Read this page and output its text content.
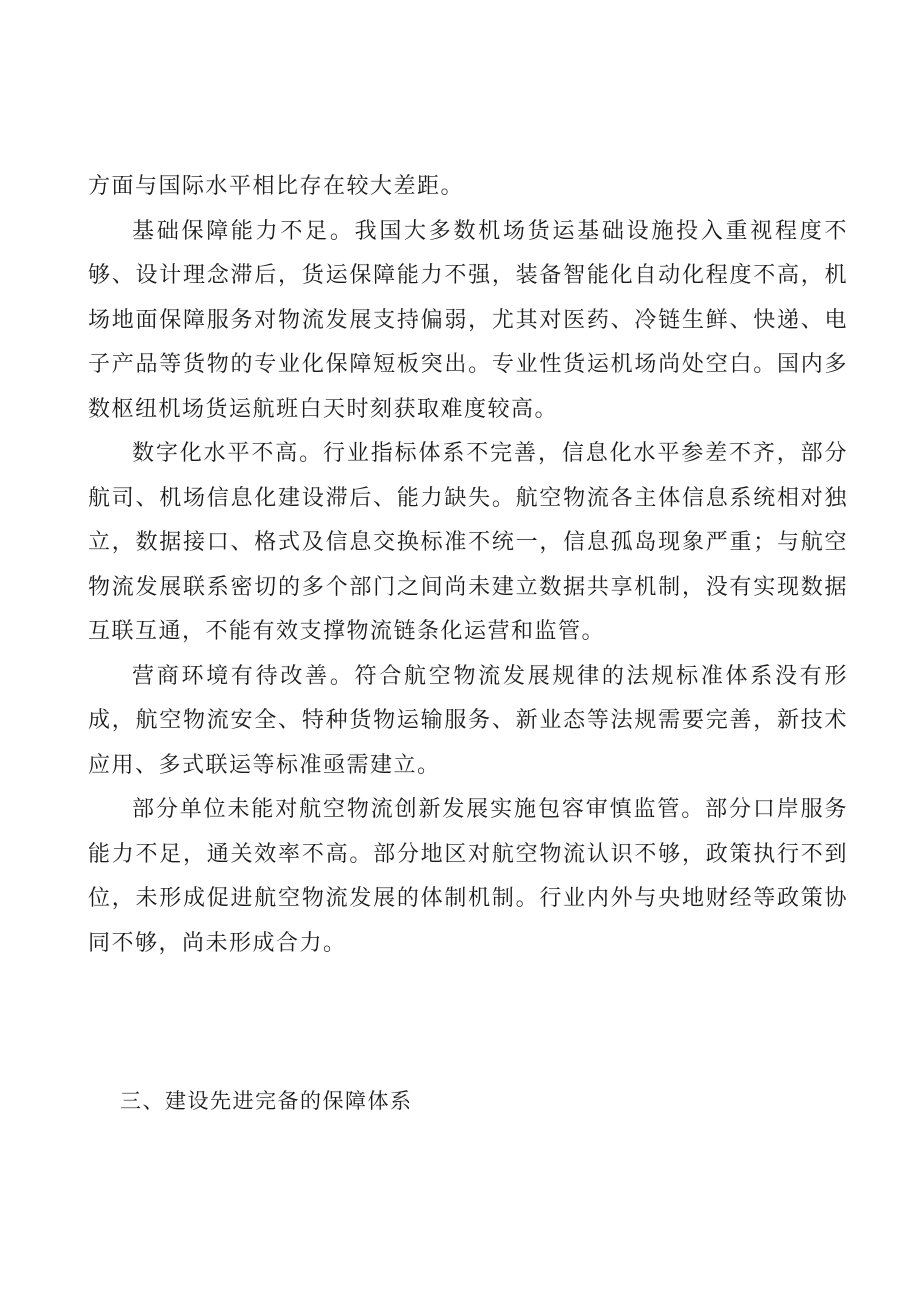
方面与国际水平相比存在较大差距。

基础保障能力不足。我国大多数机场货运基础设施投入重视程度不够、设计理念滞后，货运保障能力不强，装备智能化自动化程度不高，机场地面保障服务对物流发展支持偏弱，尤其对医药、冷链生鲜、快递、电子产品等货物的专业化保障短板突出。专业性货运机场尚处空白。国内多数枢纽机场货运航班白天时刻获取难度较高。

数字化水平不高。行业指标体系不完善，信息化水平参差不齐，部分航司、机场信息化建设滞后、能力缺失。航空物流各主体信息系统相对独立，数据接口、格式及信息交换标准不统一，信息孤岛现象严重；与航空物流发展联系密切的多个部门之间尚未建立数据共享机制，没有实现数据互联互通，不能有效支撑物流链条化运营和监管。

营商环境有待改善。符合航空物流发展规律的法规标准体系没有形成，航空物流安全、特种货物运输服务、新业态等法规需要完善，新技术应用、多式联运等标准亟需建立。

部分单位未能对航空物流创新发展实施包容审慎监管。部分口岸服务能力不足，通关效率不高。部分地区对航空物流认识不够，政策执行不到位，未形成促进航空物流发展的体制机制。行业内外与央地财经等政策协同不够，尚未形成合力。

三、建设先进完备的保障体系
